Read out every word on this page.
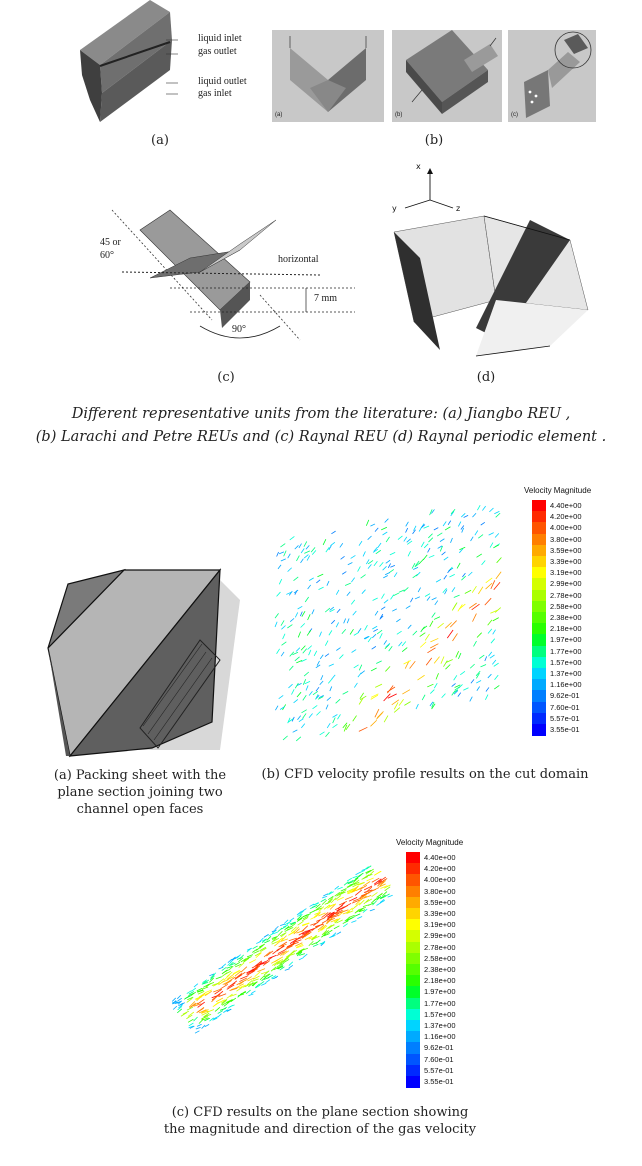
liquid inlet
gas outlet
liquid outlet
gas inlet
(a)
(a)	(b)	(c)
(b)
45 or
60°	horizontal
7 mm
90°
(c)
x
y	z
(d)
Different representative units from the literature: (a) Jiangbo REU ,
(b) Larachi and Petre REUs and (c) Raynal REU (d) Raynal periodic element .
(a) Packing sheet with the plane section joining two channel open faces
Velocity Magnitude
4.40e+00
4.20e+00
4.00e+00
3.80e+00
3.59e+00
3.39e+00
3.19e+00
2.99e+00
2.78e+00
2.58e+00
2.38e+00
2.18e+00
1.97e+00
1.77e+00
1.57e+00
1.37e+00
1.16e+00
9.62e-01
7.60e-01
5.57e-01
3.55e-01
(b) CFD velocity profile results on the cut domain
Velocity Magnitude
4.40e+00
4.20e+00
4.00e+00
3.80e+00
3.59e+00
3.39e+00
3.19e+00
2.99e+00
2.78e+00
2.58e+00
2.38e+00
2.18e+00
1.97e+00
1.77e+00
1.57e+00
1.37e+00
1.16e+00
9.62e-01
7.60e-01
5.57e-01
3.55e-01
(c) CFD results on the plane section showing the magnitude and direction of the gas velocity
